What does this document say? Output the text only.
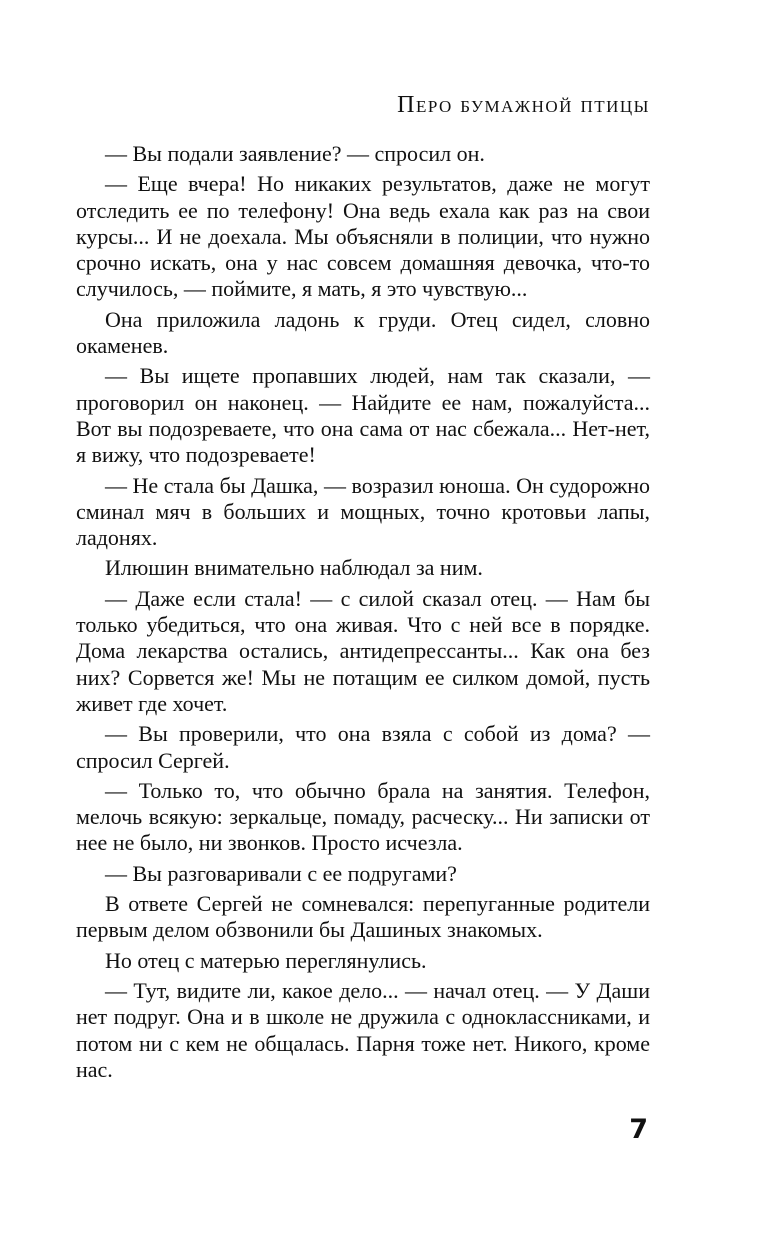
Перо бумажной птицы

— Вы подали заявление? — спросил он.

— Еще вчера! Но никаких результатов, даже не могут отследить ее по телефону! Она ведь ехала как раз на свои курсы... И не доехала. Мы объясняли в полиции, что нужно срочно искать, она у нас совсем домашняя девочка, что-то случилось, — поймите, я мать, я это чувствую...

Она приложила ладонь к груди. Отец сидел, словно окаменев.

— Вы ищете пропавших людей, нам так сказали, — проговорил он наконец. — Найдите ее нам, пожалуйста... Вот вы подозреваете, что она сама от нас сбежала... Нет-нет, я вижу, что подозреваете!

— Не стала бы Дашка, — возразил юноша. Он судорожно сминал мяч в больших и мощных, точно кротовьи лапы, ладонях.

Илюшин внимательно наблюдал за ним.

— Даже если стала! — с силой сказал отец. — Нам бы только убедиться, что она живая. Что с ней все в порядке. Дома лекарства остались, антидепрессанты... Как она без них? Сорвется же! Мы не потащим ее силком домой, пусть живет где хочет.

— Вы проверили, что она взяла с собой из дома? — спросил Сергей.

— Только то, что обычно брала на занятия. Телефон, мелочь всякую: зеркальце, помаду, расческу... Ни записки от нее не было, ни звонков. Просто исчезла.

— Вы разговаривали с ее подругами?

В ответе Сергей не сомневался: перепуганные родители первым делом обзвонили бы Дашиных знакомых.

Но отец с матерью переглянулись.

— Тут, видите ли, какое дело... — начал отец. — У Даши нет подруг. Она и в школе не дружила с одноклассниками, и потом ни с кем не общалась. Парня тоже нет. Никого, кроме нас.

7
